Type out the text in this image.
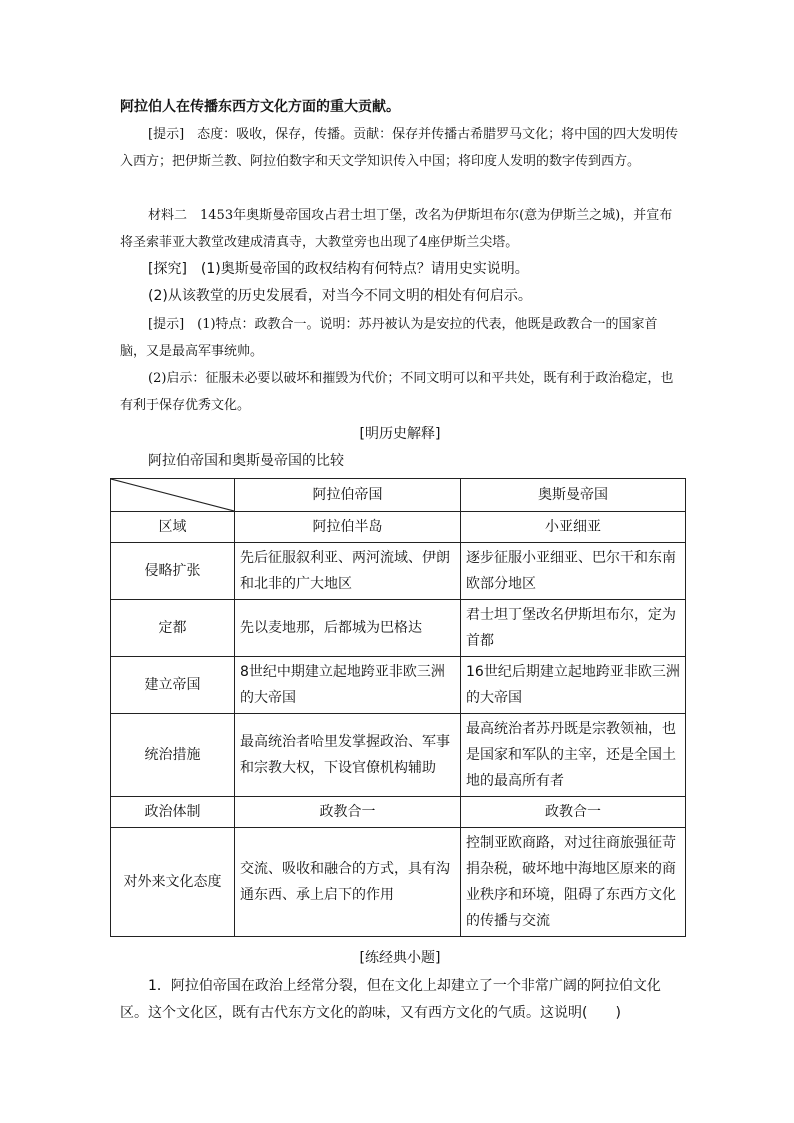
阿拉伯人在传播东西方文化方面的重大贡献。

[提示]　态度：吸收，保存，传播。贡献：保存并传播古希腊罗马文化；将中国的四大发明传入西方；把伊斯兰教、阿拉伯数字和天文学知识传入中国；将印度人发明的数字传到西方。

材料二　1453年奥斯曼帝国攻占君士坦丁堡，改名为伊斯坦布尔(意为伊斯兰之城)，并宣布将圣索菲亚大教堂改建成清真寺，大教堂旁也出现了4座伊斯兰尖塔。

[探究]　(1)奥斯曼帝国的政权结构有何特点？请用史实说明。

(2)从该教堂的历史发展看，对当今不同文明的相处有何启示。

[提示]　(1)特点：政教合一。说明：苏丹被认为是安拉的代表，他既是政教合一的国家首脑，又是最高军事统帅。

(2)启示：征服未必要以破坏和摧毁为代价；不同文明可以和平共处，既有利于政治稳定，也有利于保存优秀文化。

[明历史解释]

阿拉伯帝国和奥斯曼帝国的比较

	阿拉伯帝国	奥斯曼帝国
区域	阿拉伯半岛	小亚细亚
侵略扩张	先后征服叙利亚、两河流域、伊朗和北非的广大地区	逐步征服小亚细亚、巴尔干和东南欧部分地区
定都	先以麦地那，后都城为巴格达	君士坦丁堡改名伊斯坦布尔，定为首都
建立帝国	8世纪中期建立起地跨亚非欧三洲的大帝国	16世纪后期建立起地跨亚非欧三洲的大帝国
统治措施	最高统治者哈里发掌握政治、军事和宗教大权，下设官僚机构辅助	最高统治者苏丹既是宗教领袖，也是国家和军队的主宰，还是全国土地的最高所有者
政治体制	政教合一	政教合一
对外来文化态度	交流、吸收和融合的方式，具有沟通东西、承上启下的作用	控制亚欧商路，对过往商旅强征苛捐杂税，破坏地中海地区原来的商业秩序和环境，阻碍了东西方文化的传播与交流

[练经典小题]

1．阿拉伯帝国在政治上经常分裂，但在文化上却建立了一个非常广阔的阿拉伯文化区。这个文化区，既有古代东方文化的韵味，又有西方文化的气质。这说明(　　)
